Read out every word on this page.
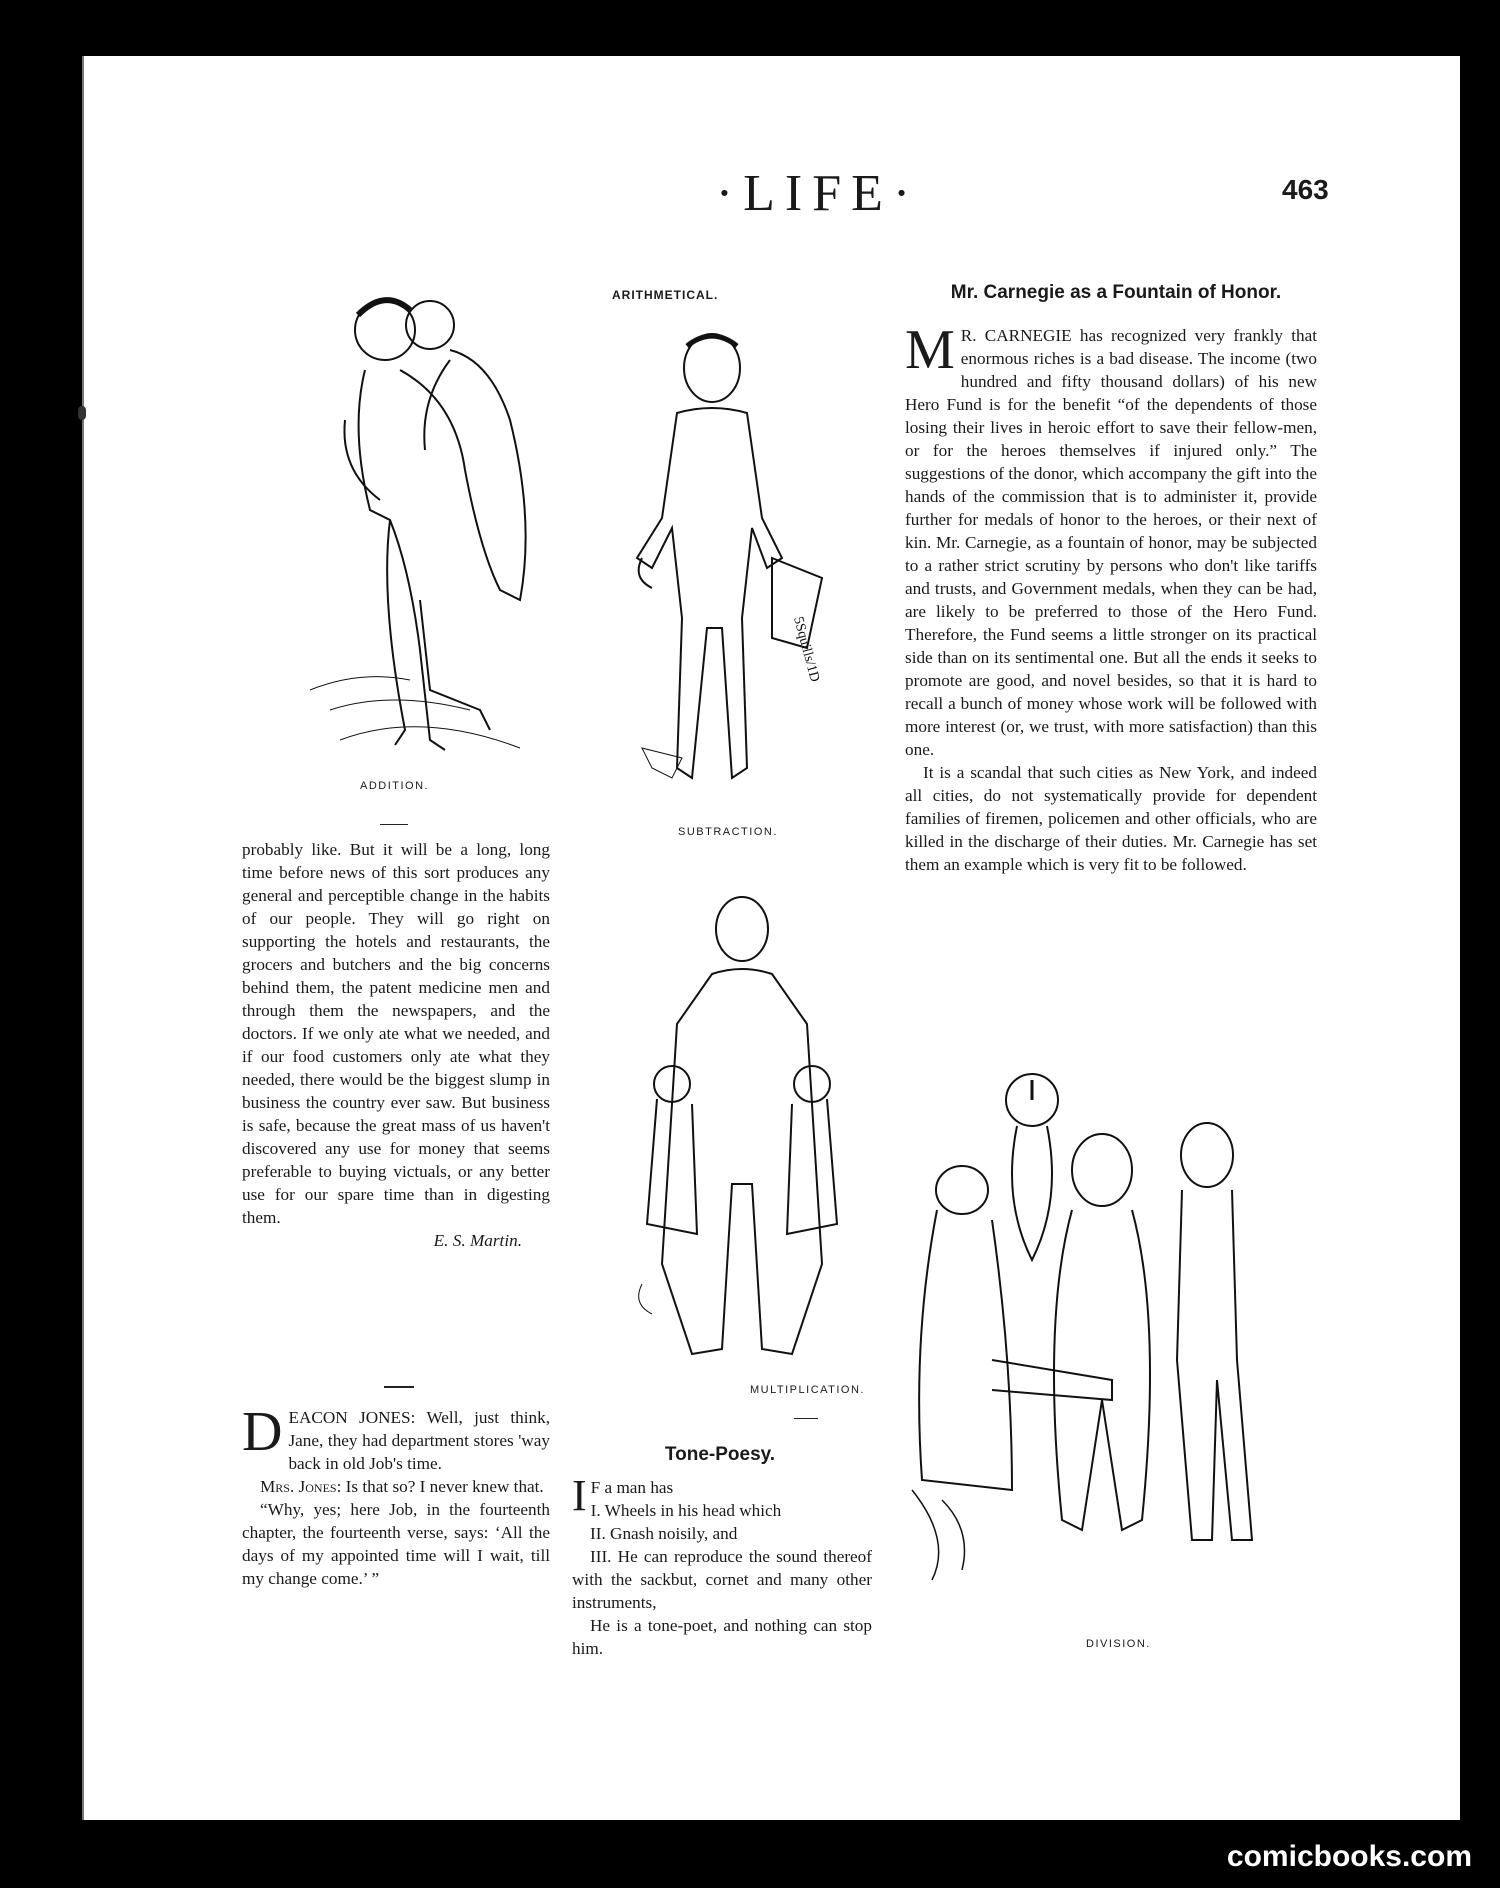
·LIFE·	463
ARITHMETICAL.
ADDITION.
5Squills/1D
SUBTRACTION.
MULTIPLICATION.
DIVISION.

probably like. But it will be a long, long time before news of this sort produces any general and perceptible change in the habits of our people. They will go right on supporting the hotels and restaurants, the grocers and butchers and the big concerns behind them, the patent medicine men and through them the newspapers, and the doctors. If we only ate what we needed, and if our food customers only ate what they needed, there would be the biggest slump in business the country ever saw. But business is safe, because the great mass of us haven't discovered any use for money that seems preferable to buying victuals, or any better use for our spare time than in digesting them.

E. S. Martin.

DEACON JONES: Well, just think, Jane, they had department stores 'way back in old Job's time.

Mrs. Jones: Is that so? I never knew that.

“Why, yes; here Job, in the fourteenth chapter, the fourteenth verse, says: ‘All the days of my appointed time will I wait, till my change come.’ ”

Tone-Poesy.

I F a man has

I. Wheels in his head which

II. Gnash noisily, and

III. He can reproduce the sound thereof with the sackbut, cornet and many other instruments,

He is a tone-poet, and nothing can stop him.

Mr. Carnegie as a Fountain of Honor.

M R. CARNEGIE has recognized very frankly that enormous riches is a bad disease. The income (two hundred and fifty thousand dollars) of his new Hero Fund is for the benefit “of the dependents of those losing their lives in heroic effort to save their fellow-men, or for the heroes themselves if injured only.” The suggestions of the donor, which accompany the gift into the hands of the commission that is to administer it, provide further for medals of honor to the heroes, or their next of kin. Mr. Carnegie, as a fountain of honor, may be subjected to a rather strict scrutiny by persons who don't like tariffs and trusts, and Government medals, when they can be had, are likely to be preferred to those of the Hero Fund. Therefore, the Fund seems a little stronger on its practical side than on its sentimental one. But all the ends it seeks to promote are good, and novel besides, so that it is hard to recall a bunch of money whose work will be followed with more interest (or, we trust, with more satisfaction) than this one.

It is a scandal that such cities as New York, and indeed all cities, do not systematically provide for dependent families of firemen, policemen and other officials, who are killed in the discharge of their duties. Mr. Carnegie has set them an example which is very fit to be followed.

comicbooks.com
